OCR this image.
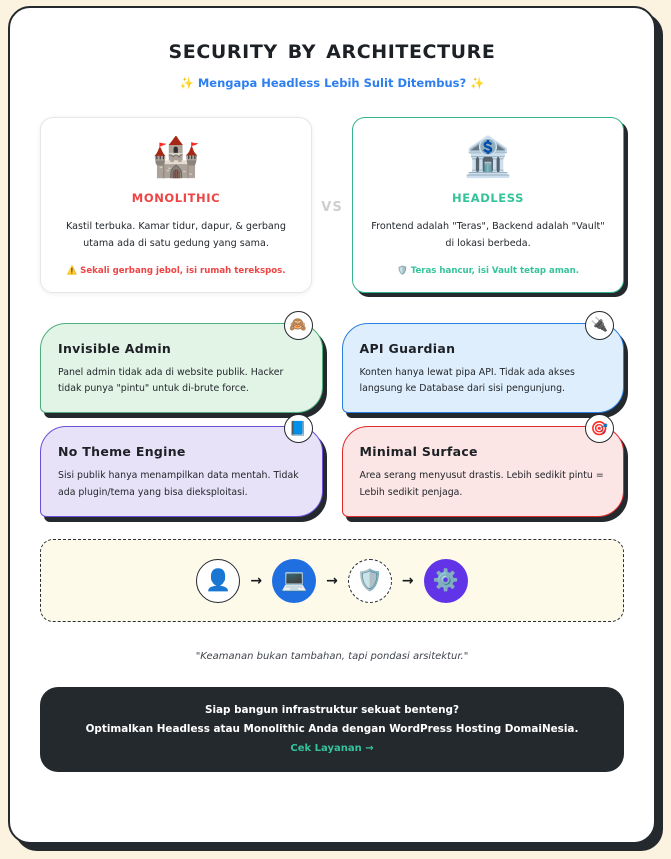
security by architecture
✨ Mengapa Headless Lebih Sulit Ditembus? ✨
🏰
MONOLITHIC
Kastil terbuka. Kamar tidur, dapur, & gerbang utama ada di satu gedung yang sama.
⚠️ Sekali gerbang jebol, isi rumah terekspos.
vs
🏦
HEADLESS
Frontend adalah "Teras", Backend adalah "Vault" di lokasi berbeda.
🛡️ Teras hancur, isi Vault tetap aman.
🙈
Invisible Admin
Panel admin tidak ada di website publik. Hacker tidak punya "pintu" untuk di-brute force.
🔌
API Guardian
Konten hanya lewat pipa API. Tidak ada akses langsung ke Database dari sisi pengunjung.
📘
No Theme Engine
Sisi publik hanya menampilkan data mentah. Tidak ada plugin/tema yang bisa dieksploitasi.
🎯
Minimal Surface
Area serang menyusut drastis. Lebih sedikit pintu = Lebih sedikit penjaga.
👤	→ 💻	→ 🛡️	→ ⚙️
"Keamanan bukan tambahan, tapi pondasi arsitektur."
Siap bangun infrastruktur sekuat benteng?
Optimalkan Headless atau Monolithic Anda dengan WordPress Hosting DomaiNesia.
Cek Layanan →
